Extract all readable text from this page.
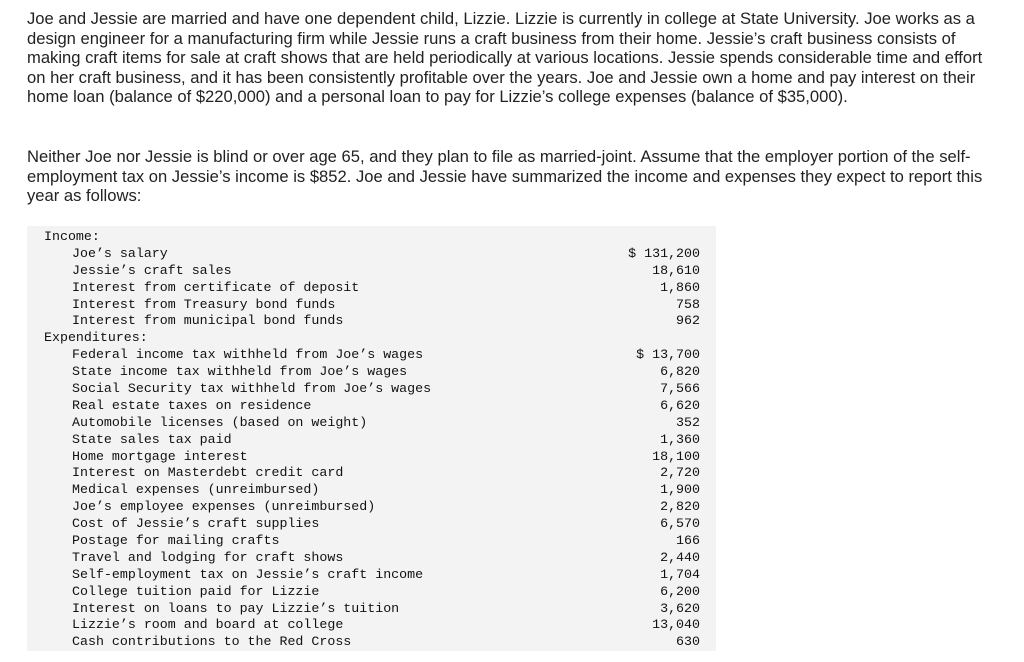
Joe and Jessie are married and have one dependent child, Lizzie. Lizzie is currently in college at State University. Joe works as a design engineer for a manufacturing firm while Jessie runs a craft business from their home. Jessie’s craft business consists of making craft items for sale at craft shows that are held periodically at various locations. Jessie spends considerable time and effort on her craft business, and it has been consistently profitable over the years. Joe and Jessie own a home and pay interest on their home loan (balance of $220,000) and a personal loan to pay for Lizzie’s college expenses (balance of $35,000).

Neither Joe nor Jessie is blind or over age 65, and they plan to file as married-joint. Assume that the employer portion of the self-employment tax on Jessie’s income is $852. Joe and Jessie have summarized the income and expenses they expect to report this year as follows:

Income:
Joe’s salary	$ 131,200
Jessie’s craft sales	18,610
Interest from certificate of deposit	1,860
Interest from Treasury bond funds	758
Interest from municipal bond funds	962
Expenditures:
Federal income tax withheld from Joe’s wages	$ 13,700
State income tax withheld from Joe’s wages	6,820
Social Security tax withheld from Joe’s wages	7,566
Real estate taxes on residence	6,620
Automobile licenses (based on weight)	352
State sales tax paid	1,360
Home mortgage interest	18,100
Interest on Masterdebt credit card	2,720
Medical expenses (unreimbursed)	1,900
Joe’s employee expenses (unreimbursed)	2,820
Cost of Jessie’s craft supplies	6,570
Postage for mailing crafts	166
Travel and lodging for craft shows	2,440
Self-employment tax on Jessie’s craft income	1,704
College tuition paid for Lizzie	6,200
Interest on loans to pay Lizzie’s tuition	3,620
Lizzie’s room and board at college	13,040
Cash contributions to the Red Cross	630
